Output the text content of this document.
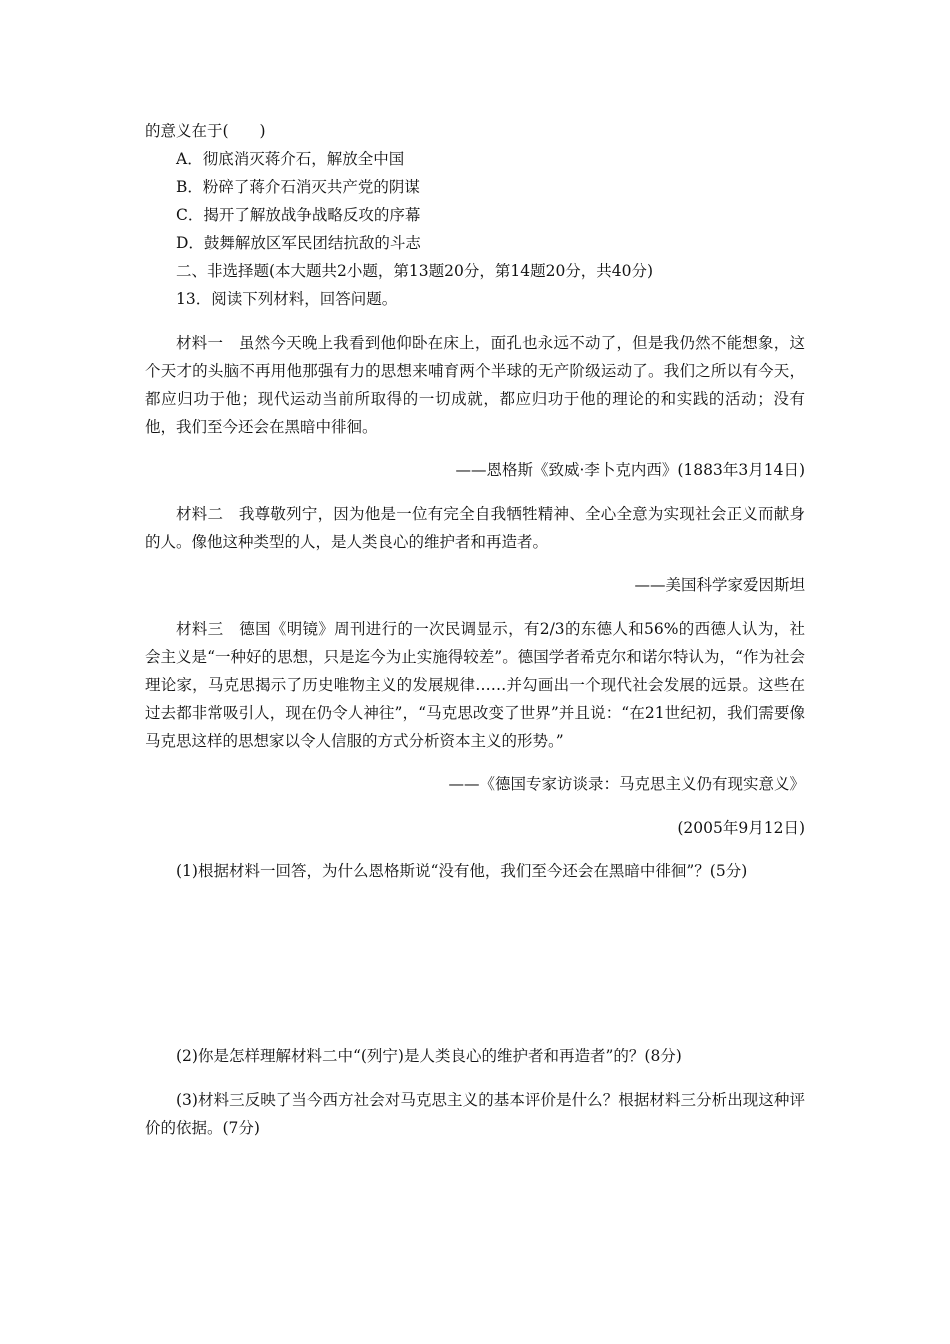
的意义在于(　　)

A．彻底消灭蒋介石，解放全中国

B．粉碎了蒋介石消灭共产党的阴谋

C．揭开了解放战争战略反攻的序幕

D．鼓舞解放区军民团结抗敌的斗志

二、非选择题(本大题共2小题，第13题20分，第14题20分，共40分)

13．阅读下列材料，回答问题。

材料一　虽然今天晚上我看到他仰卧在床上，面孔也永远不动了，但是我仍然不能想象，这个天才的头脑不再用他那强有力的思想来哺育两个半球的无产阶级运动了。我们之所以有今天，都应归功于他；现代运动当前所取得的一切成就，都应归功于他的理论的和实践的活动；没有他，我们至今还会在黑暗中徘徊。

——恩格斯《致威·李卜克内西》(1883年3月14日)

材料二　我尊敬列宁，因为他是一位有完全自我牺牲精神、全心全意为实现社会正义而献身的人。像他这种类型的人，是人类良心的维护者和再造者。

——美国科学家爱因斯坦

材料三　德国《明镜》周刊进行的一次民调显示，有2/3的东德人和56%的西德人认为，社会主义是“一种好的思想，只是迄今为止实施得较差”。德国学者希克尔和诺尔特认为，“作为社会理论家，马克思揭示了历史唯物主义的发展规律……并勾画出一个现代社会发展的远景。这些在过去都非常吸引人，现在仍令人神往”，“马克思改变了世界”并且说：“在21世纪初，我们需要像马克思这样的思想家以令人信服的方式分析资本主义的形势。”

——《德国专家访谈录：马克思主义仍有现实意义》

(2005年9月12日)

(1)根据材料一回答，为什么恩格斯说“没有他，我们至今还会在黑暗中徘徊”？(5分)

(2)你是怎样理解材料二中“(列宁)是人类良心的维护者和再造者”的？(8分)

(3)材料三反映了当今西方社会对马克思主义的基本评价是什么？根据材料三分析出现这种评价的依据。(7分)
